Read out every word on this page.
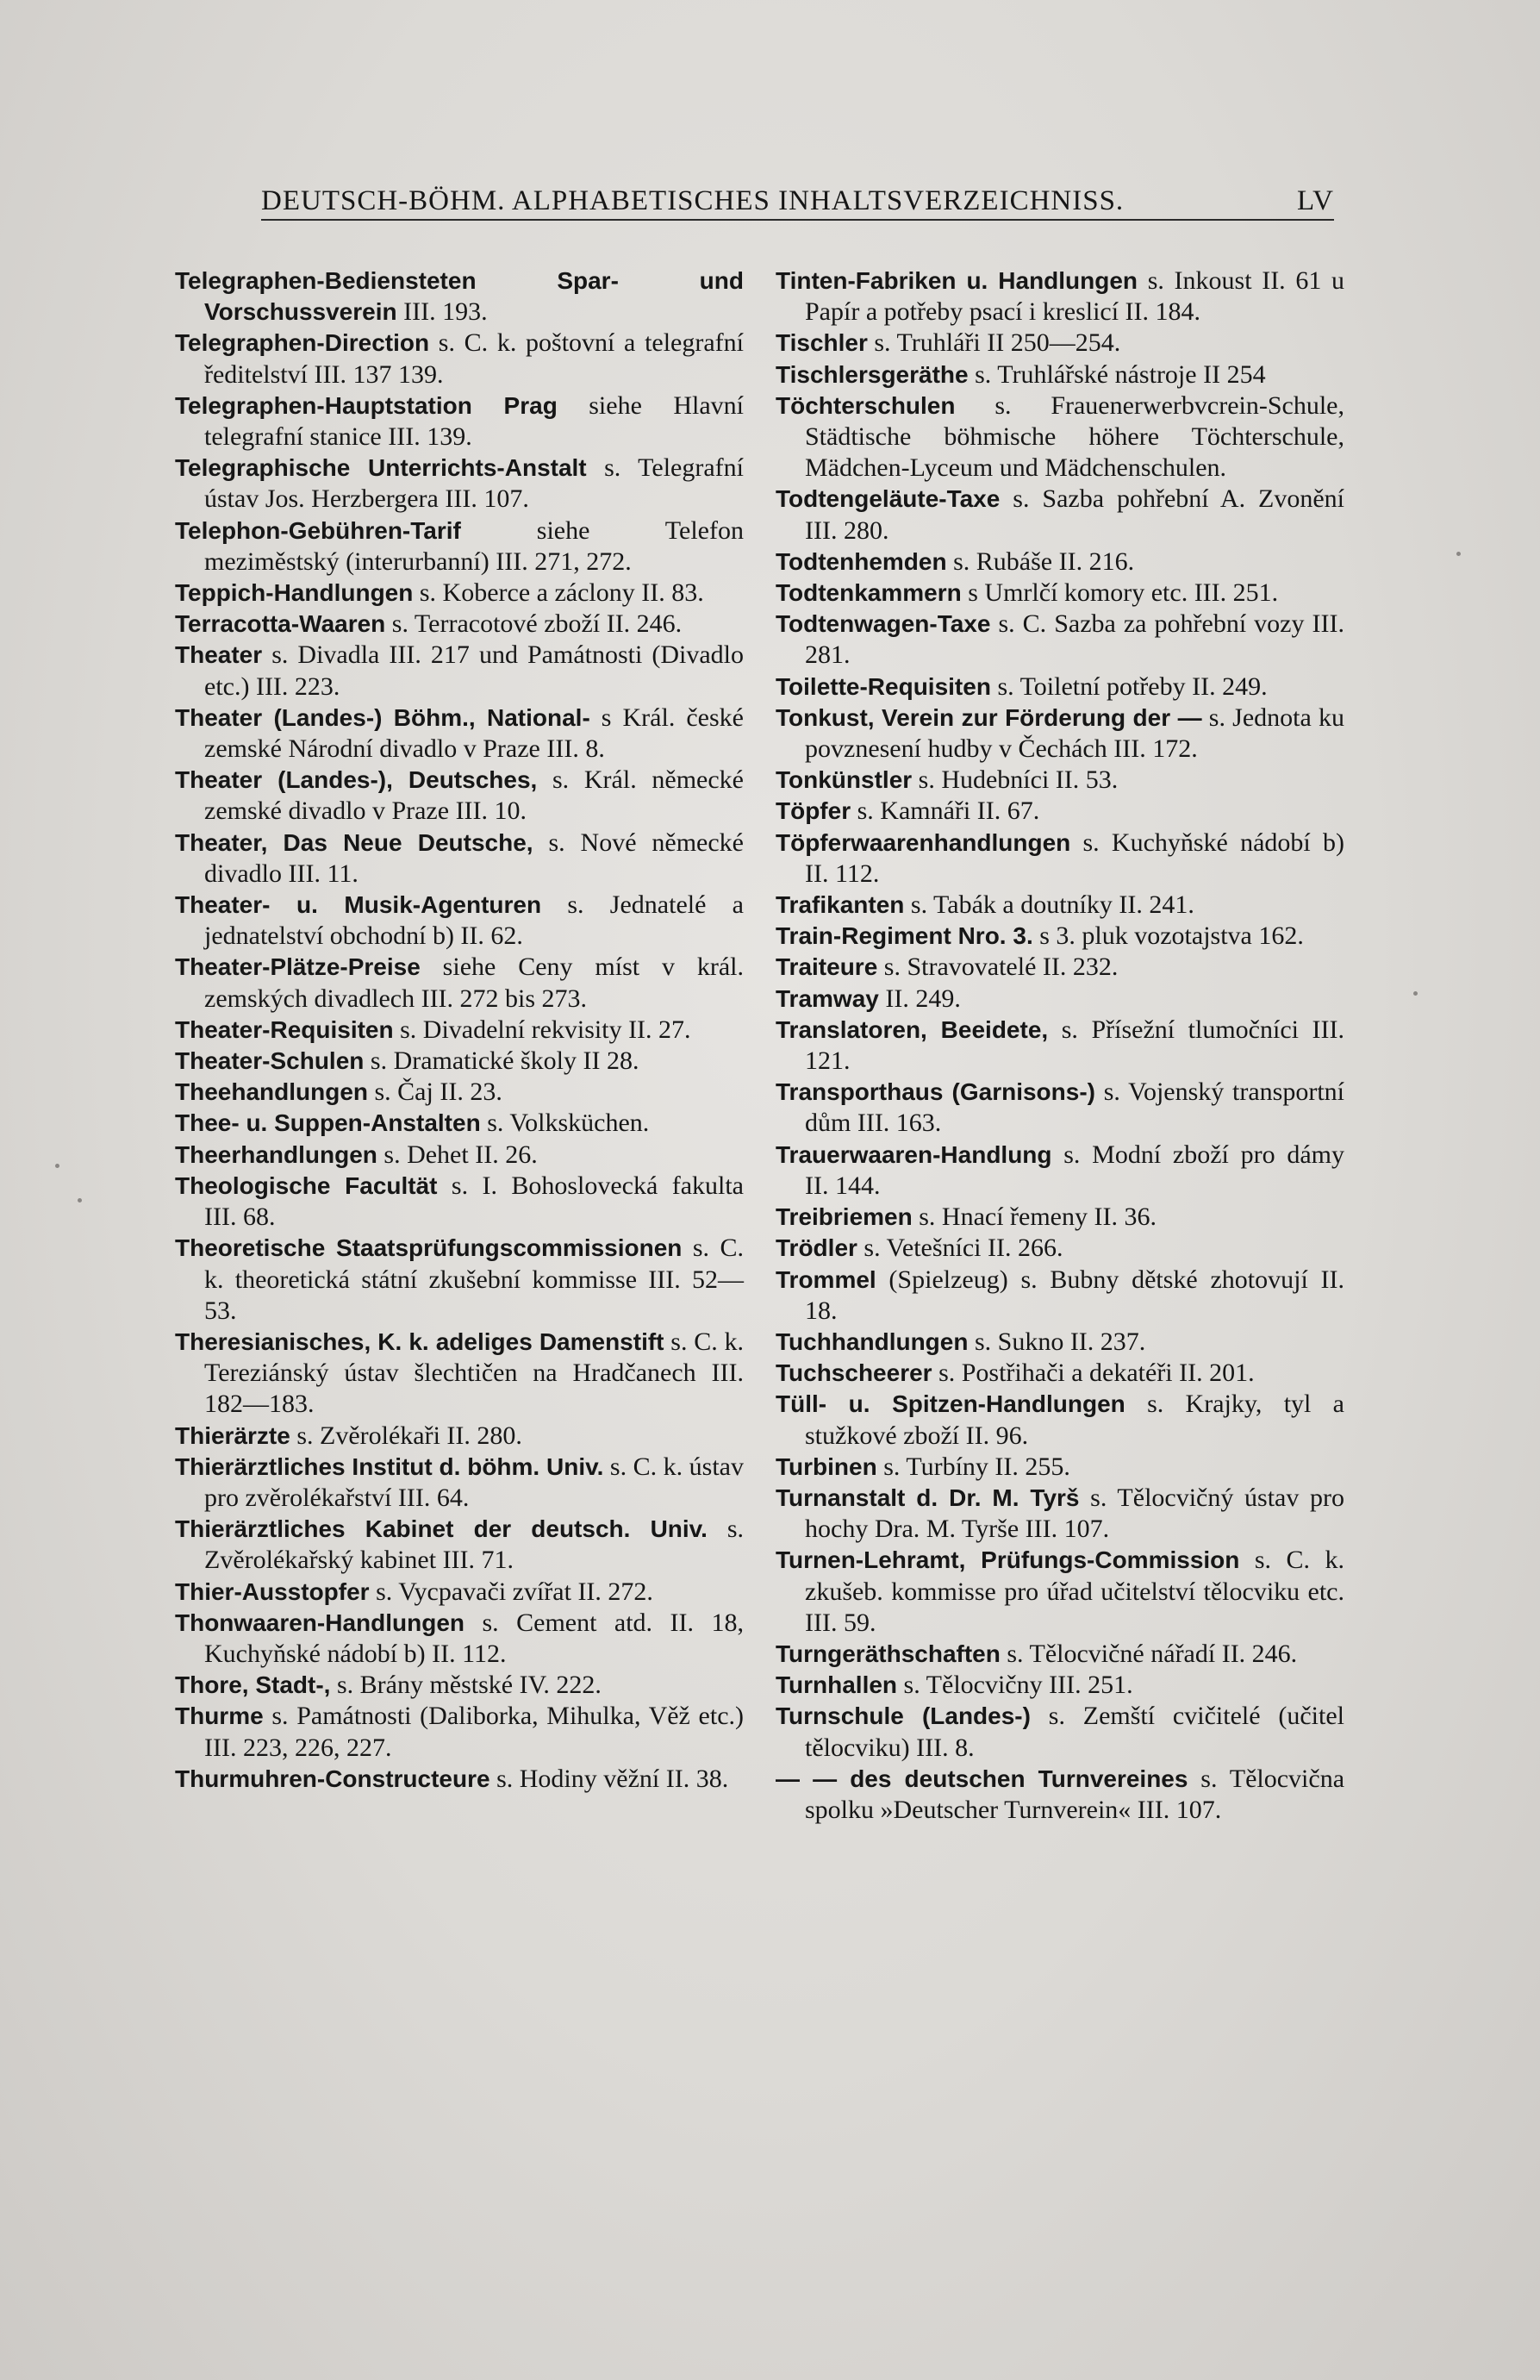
DEUTSCH-BÖHM. ALPHABETISCHES INHALTSVERZEICHNISS.	LV

Telegraphen-Bediensteten Spar- und Vorschussverein III. 193.

Telegraphen-Direction s. C. k. poštovní a telegrafní ředitelství III. 137 139.

Telegraphen-Hauptstation Prag siehe Hlavní telegrafní stanice III. 139.

Telegraphische Unterrichts-Anstalt s. Telegrafní ústav Jos. Herzbergera III. 107.

Telephon-Gebühren-Tarif siehe Telefon meziměstský (interurbanní) III. 271, 272.

Teppich-Handlungen s. Koberce a záclony II. 83.

Terracotta-Waaren s. Terracotové zboží II. 246.

Theater s. Divadla III. 217 und Památnosti (Divadlo etc.) III. 223.

Theater (Landes-) Böhm., National- s Král. české zemské Národní divadlo v Praze III. 8.

Theater (Landes-), Deutsches, s. Král. německé zemské divadlo v Praze III. 10.

Theater, Das Neue Deutsche, s. Nové německé divadlo III. 11.

Theater- u. Musik-Agenturen s. Jednatelé a jednatelství obchodní b) II. 62.

Theater-Plätze-Preise siehe Ceny míst v král. zemských divadlech III. 272 bis 273.

Theater-Requisiten s. Divadelní rekvisity II. 27.

Theater-Schulen s. Dramatické školy II 28.

Theehandlungen s. Čaj II. 23.

Thee- u. Suppen-Anstalten s. Volksküchen.

Theerhandlungen s. Dehet II. 26.

Theologische Facultät s. I. Bohoslovecká fakulta III. 68.

Theoretische Staatsprüfungscommissionen s. C. k. theoretická státní zkušební kommisse III. 52—53.

Theresianisches, K. k. adeliges Damenstift s. C. k. Tereziánský ústav šlechtičen na Hradčanech III. 182—183.

Thierärzte s. Zvěrolékaři II. 280.

Thierärztliches Institut d. böhm. Univ. s. C. k. ústav pro zvěrolékařství III. 64.

Thierärztliches Kabinet der deutsch. Univ. s. Zvěrolékařský kabinet III. 71.

Thier-Ausstopfer s. Vycpavači zvířat II. 272.

Thonwaaren-Handlungen s. Cement atd. II. 18, Kuchyňské nádobí b) II. 112.

Thore, Stadt-, s. Brány městské IV. 222.

Thurme s. Památnosti (Daliborka, Mihulka, Věž etc.) III. 223, 226, 227.

Thurmuhren-Constructeure s. Hodiny věžní II. 38.

Tinten-Fabriken u. Handlungen s. Inkoust II. 61 u Papír a potřeby psací i kreslicí II. 184.

Tischler s. Truhláři II 250—254.

Tischlersgeräthe s. Truhlářské nástroje II 254

Töchterschulen s. Frauenerwerbvcrein-Schule, Städtische böhmische höhere Töchterschule, Mädchen-Lyceum und Mädchenschulen.

Todtengeläute-Taxe s. Sazba pohřební A. Zvonění III. 280.

Todtenhemden s. Rubáše II. 216.

Todtenkammern s Umrlčí komory etc. III. 251.

Todtenwagen-Taxe s. C. Sazba za pohřební vozy III. 281.

Toilette-Requisiten s. Toiletní potřeby II. 249.

Tonkust, Verein zur Förderung der — s. Jednota ku povznesení hudby v Čechách III. 172.

Tonkünstler s. Hudebníci II. 53.

Töpfer s. Kamnáři II. 67.

Töpferwaarenhandlungen s. Kuchyňské nádobí b) II. 112.

Trafikanten s. Tabák a doutníky II. 241.

Train-Regiment Nro. 3. s 3. pluk vozotajstva 162.

Traiteure s. Stravovatelé II. 232.

Tramway II. 249.

Translatoren, Beeidete, s. Přísežní tlumočníci III. 121.

Transporthaus (Garnisons-) s. Vojenský transportní dům III. 163.

Trauerwaaren-Handlung s. Modní zboží pro dámy II. 144.

Treibriemen s. Hnací řemeny II. 36.

Trödler s. Vetešníci II. 266.

Trommel (Spielzeug) s. Bubny dětské zhotovují II. 18.

Tuchhandlungen s. Sukno II. 237.

Tuchscheerer s. Postřihači a dekatéři II. 201.

Tüll- u. Spitzen-Handlungen s. Krajky, tyl a stužkové zboží II. 96.

Turbinen s. Turbíny II. 255.

Turnanstalt d. Dr. M. Tyrš s. Tělocvičný ústav pro hochy Dra. M. Tyrše III. 107.

Turnen-Lehramt, Prüfungs-Commission s. C. k. zkušeb. kommisse pro úřad učitelství tělocviku etc. III. 59.

Turngeräthschaften s. Tělocvičné nářadí II. 246.

Turnhallen s. Tělocvičny III. 251.

Turnschule (Landes-) s. Zemští cvičitelé (učitel tělocviku) III. 8.

— — des deutschen Turnvereines s. Tělocvična spolku »Deutscher Turnverein« III. 107.
